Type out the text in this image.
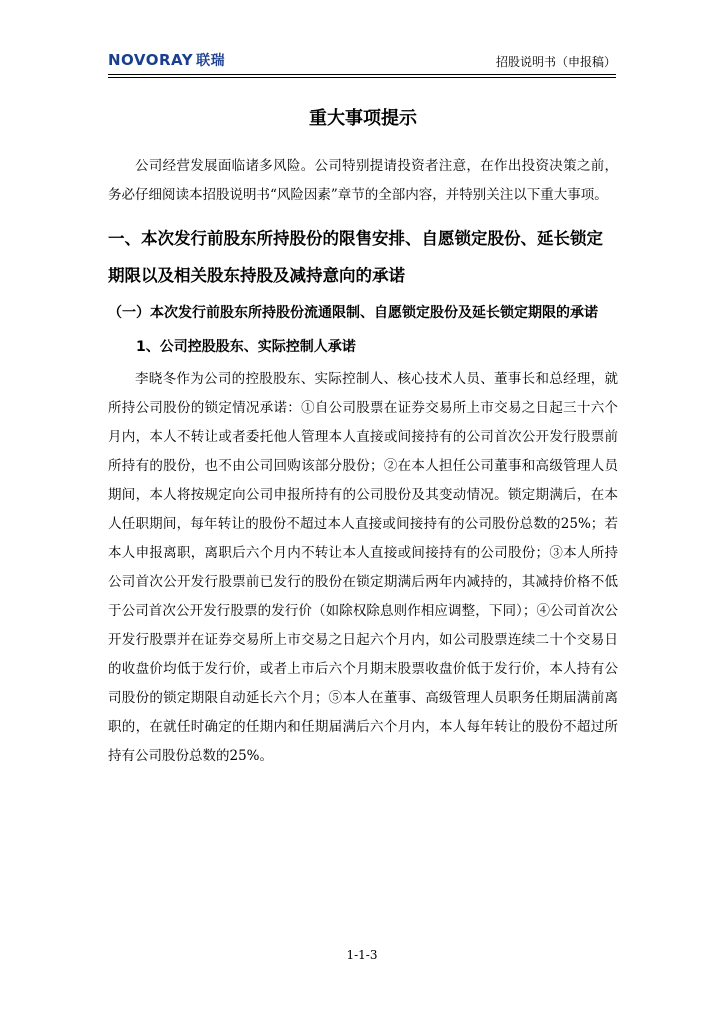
NOVORAY 联瑞	招股说明书（申报稿）
重大事项提示

公司经营发展面临诸多风险。公司特别提请投资者注意，在作出投资决策之前，务必仔细阅读本招股说明书“风险因素”章节的全部内容，并特别关注以下重大事项。

一、本次发行前股东所持股份的限售安排、自愿锁定股份、延长锁定期限以及相关股东持股及减持意向的承诺
（一）本次发行前股东所持股份流通限制、自愿锁定股份及延长锁定期限的承诺
1、公司控股股东、实际控制人承诺

李晓冬作为公司的控股股东、实际控制人、核心技术人员、董事长和总经理，就所持公司股份的锁定情况承诺：①自公司股票在证券交易所上市交易之日起三十六个月内，本人不转让或者委托他人管理本人直接或间接持有的公司首次公开发行股票前所持有的股份，也不由公司回购该部分股份；②在本人担任公司董事和高级管理人员期间，本人将按规定向公司申报所持有的公司股份及其变动情况。锁定期满后，在本人任职期间，每年转让的股份不超过本人直接或间接持有的公司股份总数的25%；若本人申报离职，离职后六个月内不转让本人直接或间接持有的公司股份；③本人所持公司首次公开发行股票前已发行的股份在锁定期满后两年内减持的，其减持价格不低于公司首次公开发行股票的发行价（如除权除息则作相应调整，下同）；④公司首次公开发行股票并在证券交易所上市交易之日起六个月内，如公司股票连续二十个交易日的收盘价均低于发行价，或者上市后六个月期末股票收盘价低于发行价，本人持有公司股份的锁定期限自动延长六个月；⑤本人在董事、高级管理人员职务任期届满前离职的，在就任时确定的任期内和任期届满后六个月内，本人每年转让的股份不超过所持有公司股份总数的25%。

1-1-3
